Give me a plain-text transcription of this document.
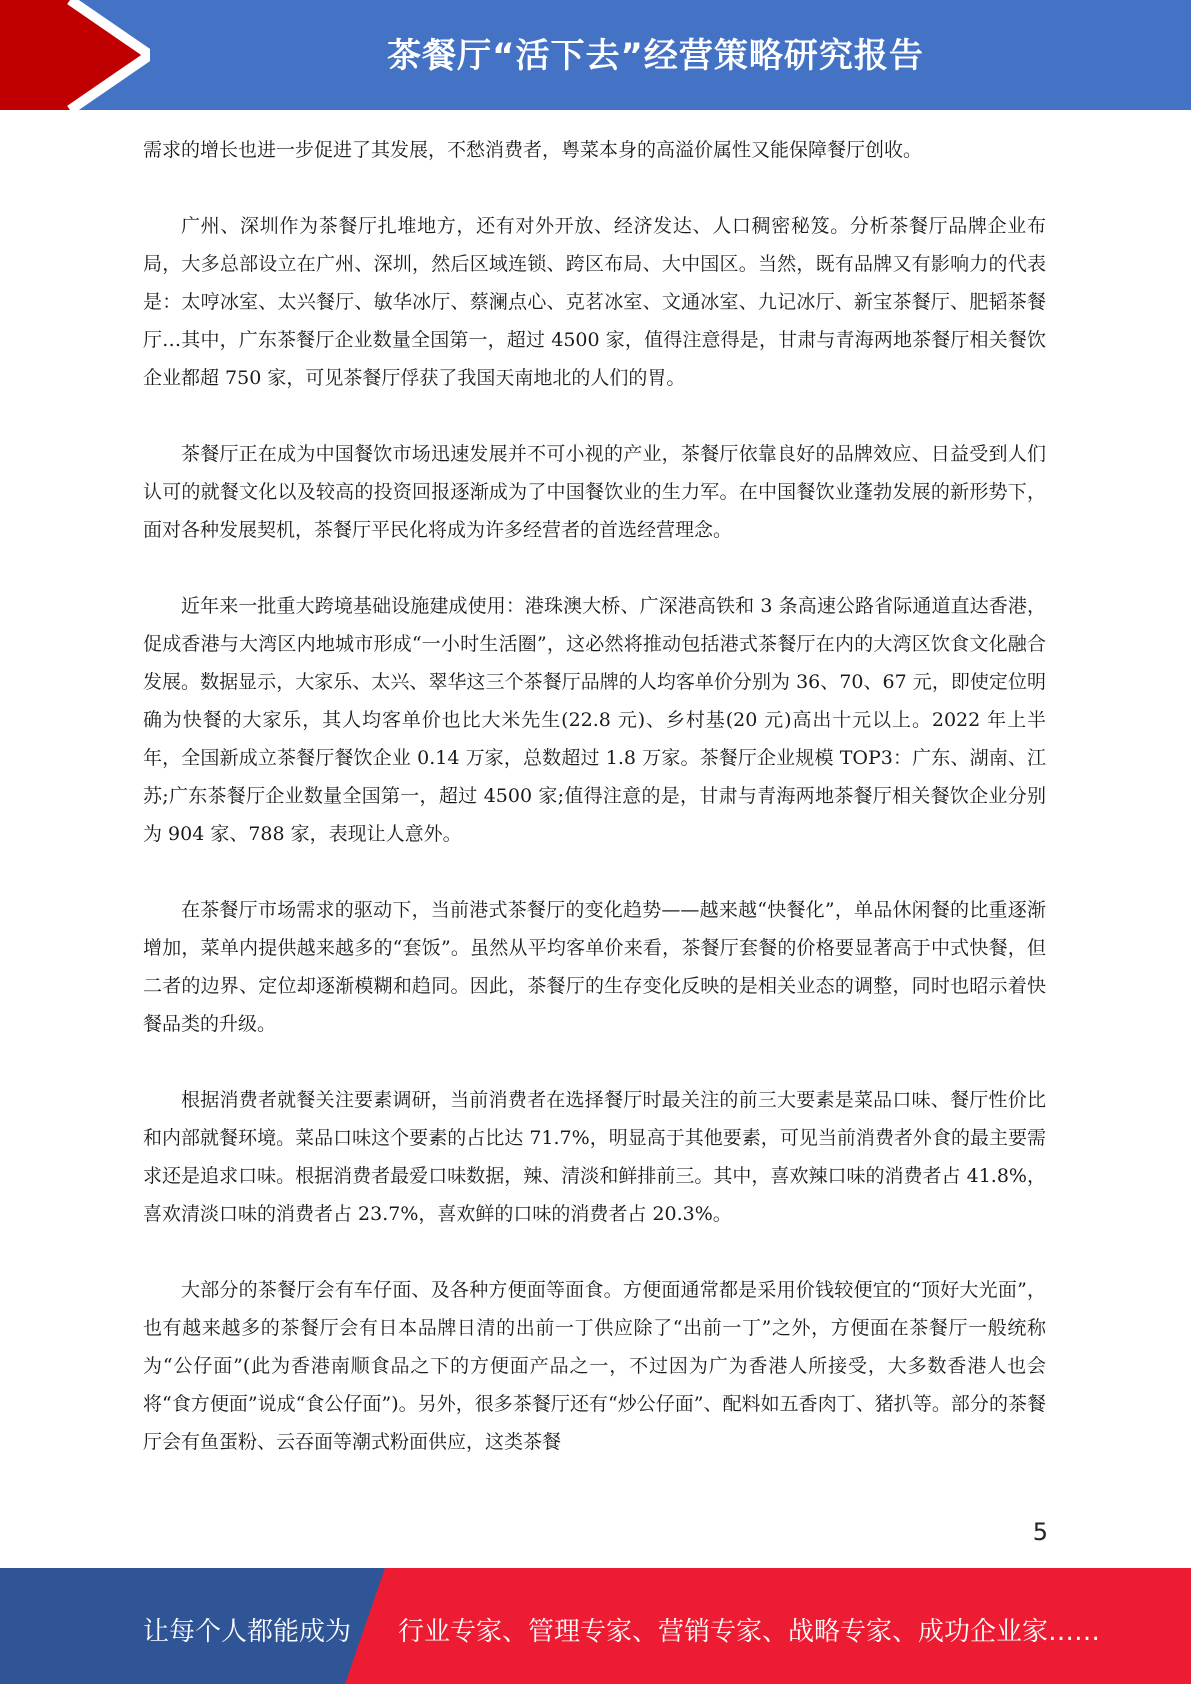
茶餐厅“活下去”经营策略研究报告

需求的增长也进一步促进了其发展，不愁消费者，粤菜本身的高溢价属性又能保障餐厅创收。

广州、深圳作为茶餐厅扎堆地方，还有对外开放、经济发达、人口稠密秘笈。分析茶餐厅品牌企业布局，大多总部设立在广州、深圳，然后区域连锁、跨区布局、大中国区。当然，既有品牌又有影响力的代表是：太哼冰室、太兴餐厅、敏华冰厅、蔡澜点心、克茗冰室、文通冰室、九记冰厅、新宝茶餐厅、肥韬茶餐厅…其中，广东茶餐厅企业数量全国第一，超过 4500 家，值得注意得是，甘肃与青海两地茶餐厅相关餐饮企业都超 750 家，可见茶餐厅俘获了我国天南地北的人们的胃。

茶餐厅正在成为中国餐饮市场迅速发展并不可小视的产业，茶餐厅依靠良好的品牌效应、日益受到人们认可的就餐文化以及较高的投资回报逐渐成为了中国餐饮业的生力军。在中国餐饮业蓬勃发展的新形势下，面对各种发展契机，茶餐厅平民化将成为许多经营者的首选经营理念。

近年来一批重大跨境基础设施建成使用：港珠澳大桥、广深港高铁和 3 条高速公路省际通道直达香港，促成香港与大湾区内地城市形成“一小时生活圈”，这必然将推动包括港式茶餐厅在内的大湾区饮食文化融合发展。数据显示，大家乐、太兴、翠华这三个茶餐厅品牌的人均客单价分别为 36、70、67 元，即使定位明确为快餐的大家乐，其人均客单价也比大米先生(22.8 元)、乡村基(20 元)高出十元以上。2022 年上半年，全国新成立茶餐厅餐饮企业 0.14 万家，总数超过 1.8 万家。茶餐厅企业规模 TOP3：广东、湖南、江苏;广东茶餐厅企业数量全国第一，超过 4500 家;值得注意的是，甘肃与青海两地茶餐厅相关餐饮企业分别为 904 家、788 家，表现让人意外。

在茶餐厅市场需求的驱动下，当前港式茶餐厅的变化趋势——越来越“快餐化”，单品休闲餐的比重逐渐增加，菜单内提供越来越多的“套饭”。虽然从平均客单价来看，茶餐厅套餐的价格要显著高于中式快餐，但二者的边界、定位却逐渐模糊和趋同。因此，茶餐厅的生存变化反映的是相关业态的调整，同时也昭示着快餐品类的升级。

根据消费者就餐关注要素调研，当前消费者在选择餐厅时最关注的前三大要素是菜品口味、餐厅性价比和内部就餐环境。菜品口味这个要素的占比达 71.7%，明显高于其他要素，可见当前消费者外食的最主要需求还是追求口味。根据消费者最爱口味数据，辣、清淡和鲜排前三。其中，喜欢辣口味的消费者占 41.8%，喜欢清淡口味的消费者占 23.7%，喜欢鲜的口味的消费者占 20.3%。

大部分的茶餐厅会有车仔面、及各种方便面等面食。方便面通常都是采用价钱较便宜的“顶好大光面”，也有越来越多的茶餐厅会有日本品牌日清的出前一丁供应除了“出前一丁”之外，方便面在茶餐厅一般统称为“公仔面”(此为香港南顺食品之下的方便面产品之一，不过因为广为香港人所接受，大多数香港人也会将“食方便面”说成“食公仔面”)。另外，很多茶餐厅还有“炒公仔面”、配料如五香肉丁、猪扒等。部分的茶餐厅会有鱼蛋粉、云吞面等潮式粉面供应，这类茶餐

5
让每个人都能成为 行业专家、管理专家、营销专家、战略专家、成功企业家……
